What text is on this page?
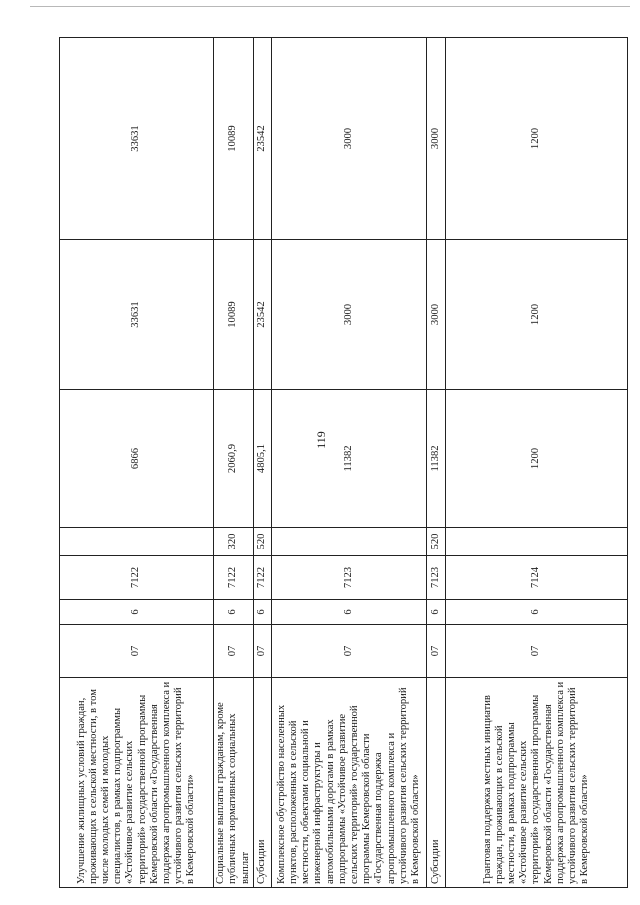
119
Улучшение жилищных условий граждан, проживающих в сельской местности, в том числе молодых семей и молодых специалистов, в рамках подпрограммы «Устойчивое развитие сельских территорий» государственной программы Кемеровской области «Государственная поддержка агропромышленного комплекса и устойчивого развития сельских территорий в Кемеровской области»	07	6	7122		6866	33631	33631
Социальные выплаты гражданам, кроме публичных нормативных социальных выплат	07	6	7122	320	2060,9	10089	10089
Субсидии	07	6	7122	520	4805,1	23542	23542
Комплексное обустройство населенных пунктов, расположенных в сельской местности, объектами социальной и инженерной инфраструктуры и автомобильными дорогами в рамках подпрограммы «Устойчивое развитие сельских территорий» государственной программы Кемеровской области «Государственная поддержка агропромышленного комплекса и устойчивого развития сельских территорий в Кемеровской области»	07	6	7123		11382	3000	3000
Субсидии	07	6	7123	520	11382	3000	3000
Грантовая поддержка местных инициатив граждан, проживающих в сельской местности, в рамках подпрограммы «Устойчивое развитие сельских территорий» государственной программы Кемеровской области «Государственная поддержка агропромышленного комплекса и устойчивого развития сельских территорий в Кемеровской области»	07	6	7124		1200	1200	1200
